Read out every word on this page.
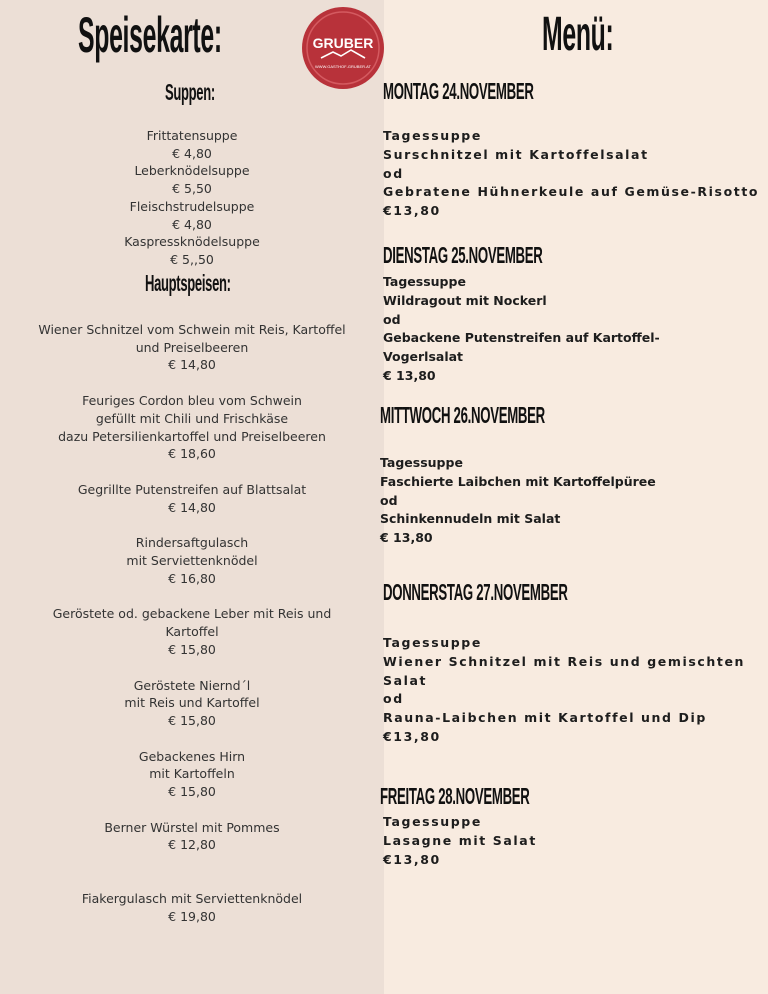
Speisekarte:	GRUBER
WWW.GASTHOF-GRUBER.AT
Suppen:
Frittatensuppe
€ 4,80
Leberknödelsuppe
€ 5,50
Fleischstrudelsuppe
€ 4,80
Kaspressknödelsuppe
€ 5,,50
Hauptspeisen:
Wiener Schnitzel vom Schwein mit Reis, Kartoffel
und Preiselbeeren
€ 14,80
Feuriges Cordon bleu vom Schwein
gefüllt mit Chili und Frischkäse
dazu Petersilienkartoffel und Preiselbeeren
€ 18,60
Gegrillte Putenstreifen auf Blattsalat
€ 14,80
Rindersaftgulasch
mit Serviettenknödel
€ 16,80
Geröstete od. gebackene Leber mit Reis und
Kartoffel
€ 15,80
Geröstete Niernd´l
mit Reis und Kartoffel
€ 15,80
Gebackenes Hirn
mit Kartoffeln
€ 15,80
Berner Würstel mit Pommes
€ 12,80
Fiakergulasch mit Serviettenknödel
€ 19,80
Menü:
MONTAG 24.NOVEMBER
Tagessuppe
Surschnitzel mit Kartoffelsalat
od
Gebratene Hühnerkeule auf Gemüse-Risotto
€13,80
DIENSTAG 25.NOVEMBER
Tagessuppe
Wildragout mit Nockerl
od
Gebackene Putenstreifen auf Kartoffel-
Vogerlsalat
€ 13,80
MITTWOCH 26.NOVEMBER
Tagessuppe
Faschierte Laibchen mit Kartoffelpüree
od
Schinkennudeln mit Salat
€ 13,80
DONNERSTAG 27.NOVEMBER
Tagessuppe
Wiener Schnitzel mit Reis und gemischten
Salat
od
Rauna-Laibchen mit Kartoffel und Dip
€13,80
FREITAG 28.NOVEMBER
Tagessuppe
Lasagne mit Salat
€13,80
